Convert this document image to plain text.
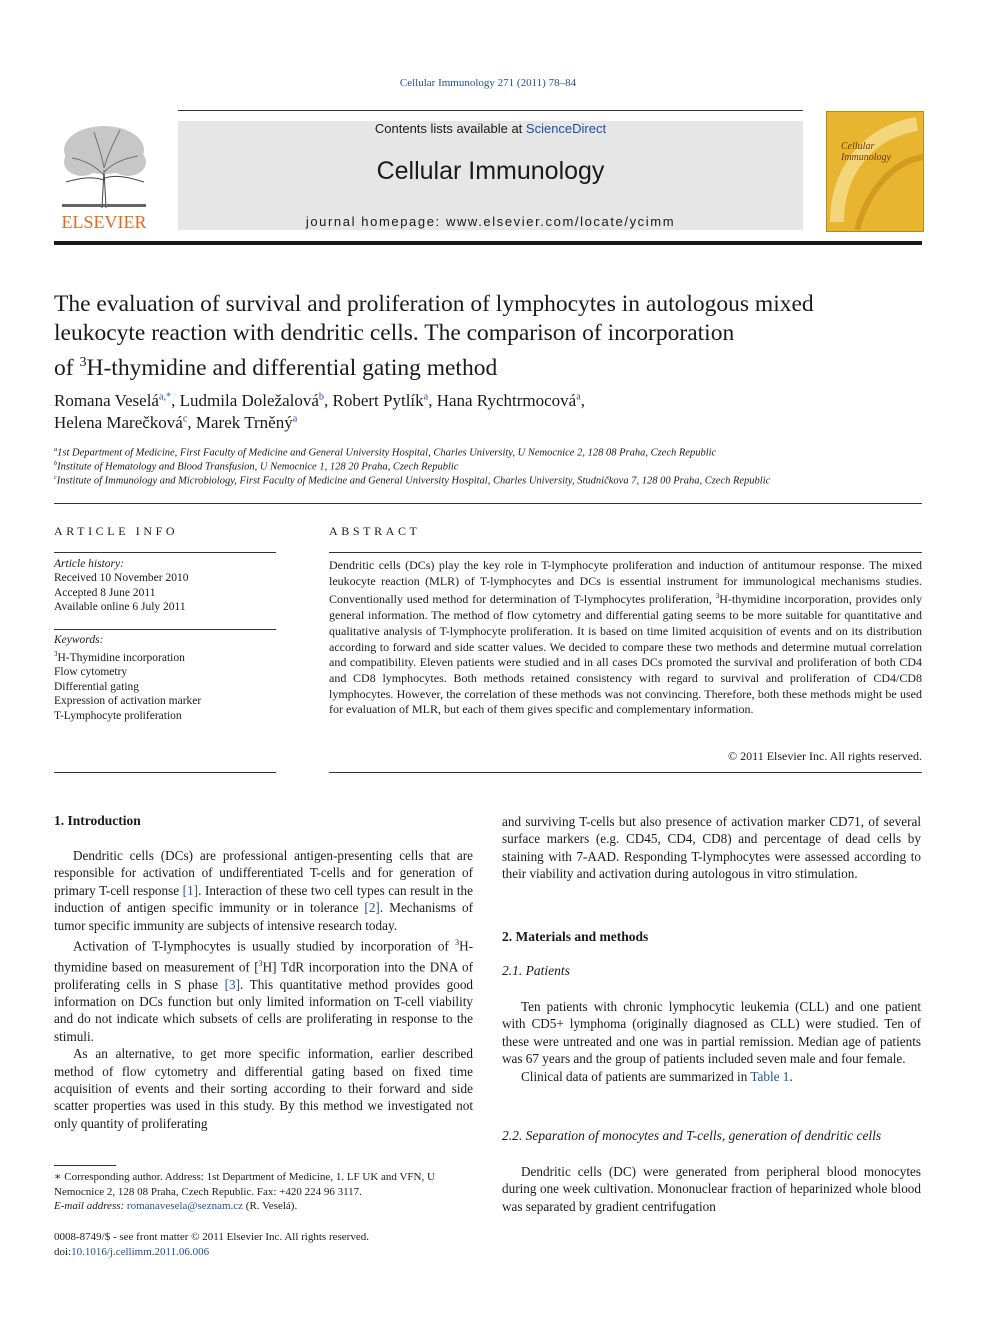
Cellular Immunology 271 (2011) 78–84
ELSEVIER
Contents lists available at ScienceDirect
Cellular Immunology
journal homepage: www.elsevier.com/locate/ycimm
Cellular
Immunology
The evaluation of survival and proliferation of lymphocytes in autologous mixed
leukocyte reaction with dendritic cells. The comparison of incorporation
of $^3$H-thymidine and differential gating method
Romana Veselá$^{a,*}$, Ludmila Doležalová$^b$, Robert Pytlík$^a$, Hana Rychtrmocová$^a$,
Helena Marečková$^c$, Marek Trněný$^a$
$^a$1st Department of Medicine, First Faculty of Medicine and General University Hospital, Charles University, U Nemocnice 2, 128 08 Praha, Czech Republic
$^b$Institute of Hematology and Blood Transfusion, U Nemocnice 1, 128 20 Praha, Czech Republic
$^c$Institute of Immunology and Microbiology, First Faculty of Medicine and General University Hospital, Charles University, Studničkova 7, 128 00 Praha, Czech Republic
ARTICLE INFO	ABSTRACT
Article history:
Received 10 November 2010
Accepted 8 June 2011
Available online 6 July 2011
Keywords:
$^3$H-Thymidine incorporation
Flow cytometry
Differential gating
Expression of activation marker
T-Lymphocyte proliferation
Dendritic cells (DCs) play the key role in T-lymphocyte proliferation and induction of antitumour response. The mixed leukocyte reaction (MLR) of T-lymphocytes and DCs is essential instrument for immunological mechanisms studies. Conventionally used method for determination of T-lymphocytes proliferation, $^3$H-thymidine incorporation, provides only general information. The method of flow cytometry and differential gating seems to be more suitable for quantitative and qualitative analysis of T-lymphocyte proliferation. It is based on time limited acquisition of events and on its distribution according to forward and side scatter values. We decided to compare these two methods and determine mutual correlation and compatibility. Eleven patients were studied and in all cases DCs promoted the survival and proliferation of both CD4 and CD8 lymphocytes. Both methods retained consistency with regard to survival and proliferation of CD4/CD8 lymphocytes. However, the correlation of these methods was not convincing. Therefore, both these methods might be used for evaluation of MLR, but each of them gives specific and complementary information.
© 2011 Elsevier Inc. All rights reserved.
1. Introduction

Dendritic cells (DCs) are professional antigen-presenting cells that are responsible for activation of undifferentiated T-cells and for generation of primary T-cell response [1]. Interaction of these two cell types can result in the induction of antigen specific immunity or in tolerance [2]. Mechanisms of tumor specific immunity are subjects of intensive research today.

Activation of T-lymphocytes is usually studied by incorporation of $^3$H-thymidine based on measurement of [$^3$H] TdR incorporation into the DNA of proliferating cells in S phase [3]. This quantitative method provides good information on DCs function but only limited information on T-cell viability and do not indicate which subsets of cells are proliferating in response to the stimuli.

As an alternative, to get more specific information, earlier described method of flow cytometry and differential gating based on fixed time acquisition of events and their sorting according to their forward and side scatter properties was used in this study. By this method we investigated not only quantity of proliferating

and surviving T-cells but also presence of activation marker CD71, of several surface markers (e.g. CD45, CD4, CD8) and percentage of dead cells by staining with 7-AAD. Responding T-lymphocytes were assessed according to their viability and activation during autologous in vitro stimulation.

2. Materials and methods
2.1. Patients

Ten patients with chronic lymphocytic leukemia (CLL) and one patient with CD5+ lymphoma (originally diagnosed as CLL) were studied. Ten of these were untreated and one was in partial remission. Median age of patients was 67 years and the group of patients included seven male and four female.

Clinical data of patients are summarized in Table 1.

2.2. Separation of monocytes and T-cells, generation of dendritic cells

Dendritic cells (DC) were generated from peripheral blood monocytes during one week cultivation. Mononuclear fraction of heparinized whole blood was separated by gradient centrifugation

∗ Corresponding author. Address: 1st Department of Medicine, 1. LF UK and VFN, U Nemocnice 2, 128 08 Praha, Czech Republic. Fax: +420 224 96 3117.
E-mail address: romanavesela@seznam.cz (R. Veselá).
0008-8749/$ - see front matter © 2011 Elsevier Inc. All rights reserved.
doi:10.1016/j.cellimm.2011.06.006
